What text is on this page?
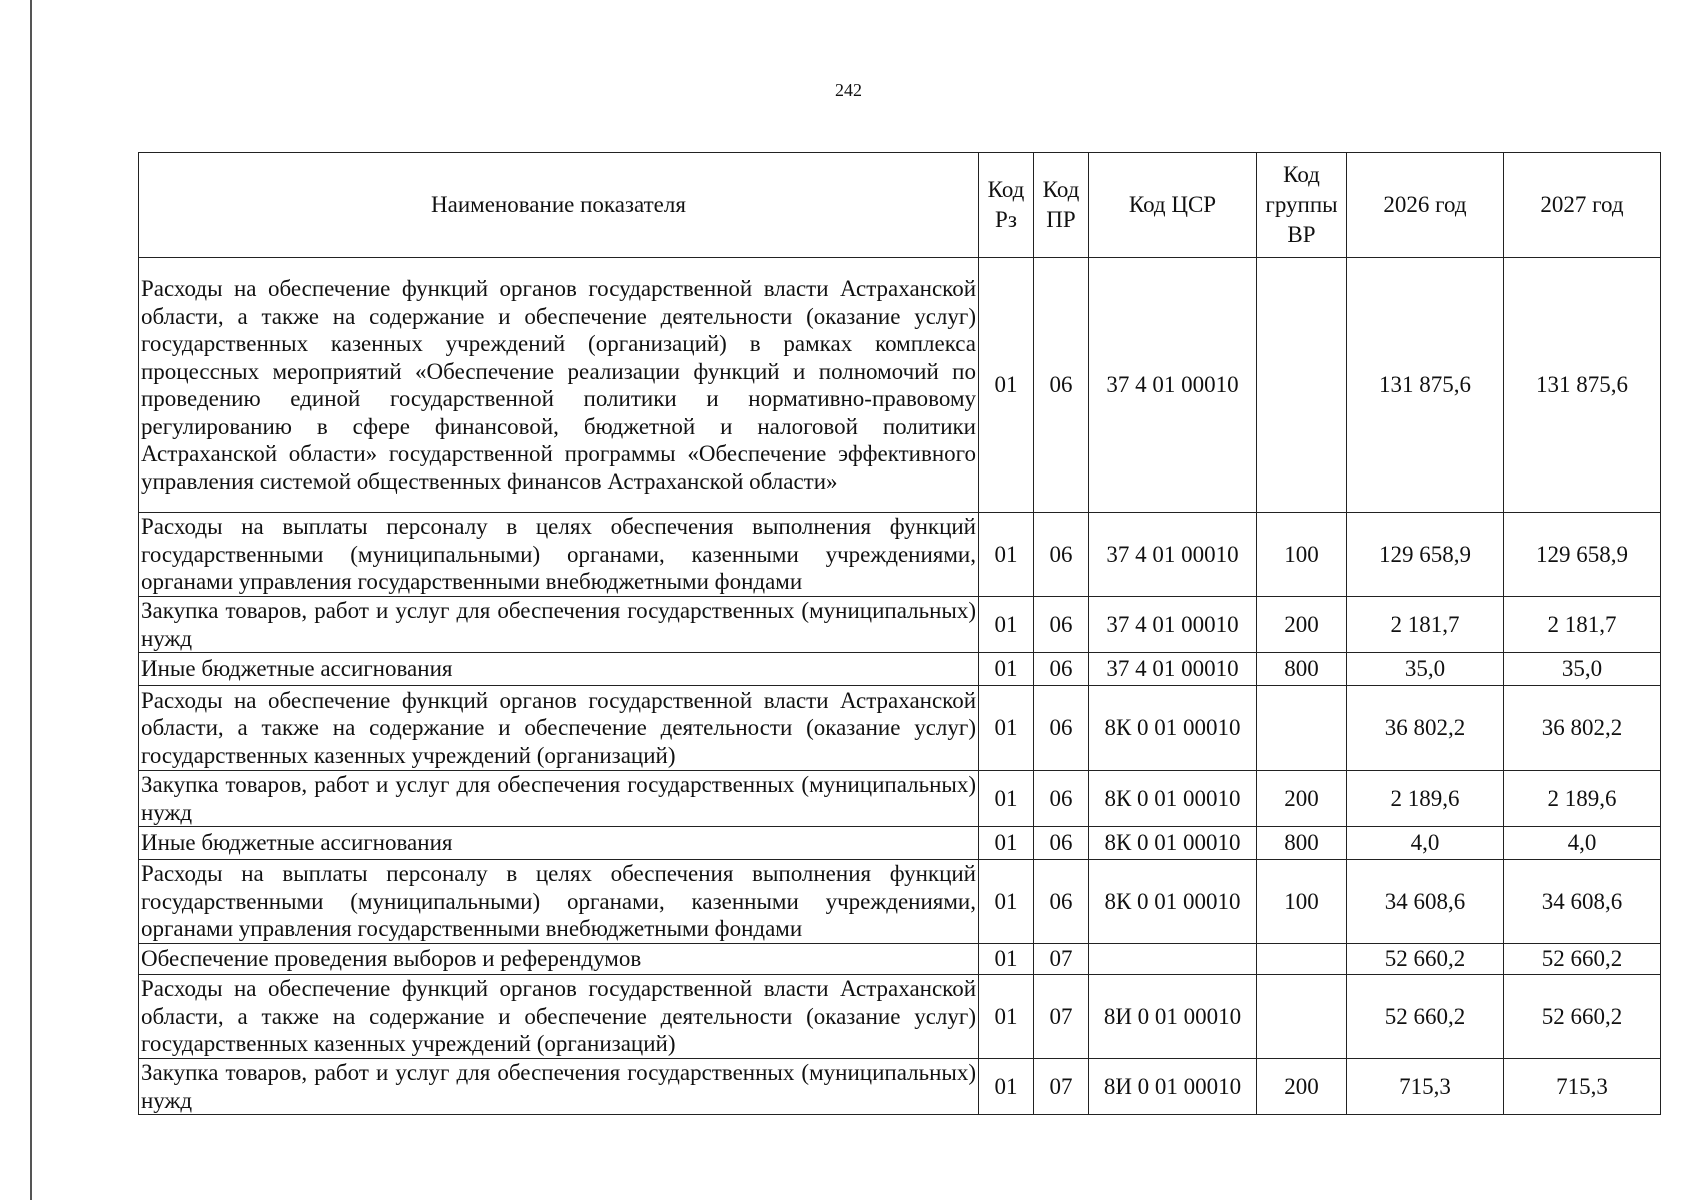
242
Наименование показателя	Код Рз	Код ПР	Код ЦСР	Код группы ВР	2026 год	2027 год
Расходы на обеспечение функций органов государственной власти Астраханской области, а также на содержание и обеспечение деятельности (оказание услуг) государственных казенных учреждений (организаций) в рамках комплекса процессных мероприятий «Обеспечение реализации функций и полномочий по проведению единой государственной политики и нормативно-правовому регулированию в сфере финансовой, бюджетной и налоговой политики Астраханской области» государственной программы «Обеспечение эффективного управления системой общественных финансов Астраханской области»	01	06	37 4 01 00010		131 875,6	131 875,6
Расходы на выплаты персоналу в целях обеспечения выполнения функций государственными (муниципальными) органами, казенными учреждениями, органами управления государственными внебюджетными фондами	01	06	37 4 01 00010	100	129 658,9	129 658,9
Закупка товаров, работ и услуг для обеспечения государственных (муниципальных) нужд	01	06	37 4 01 00010	200	2 181,7	2 181,7
Иные бюджетные ассигнования	01	06	37 4 01 00010	800	35,0	35,0
Расходы на обеспечение функций органов государственной власти Астраханской области, а также на содержание и обеспечение деятельности (оказание услуг) государственных казенных учреждений (организаций)	01	06	8К 0 01 00010		36 802,2	36 802,2
Закупка товаров, работ и услуг для обеспечения государственных (муниципальных) нужд	01	06	8К 0 01 00010	200	2 189,6	2 189,6
Иные бюджетные ассигнования	01	06	8К 0 01 00010	800	4,0	4,0
Расходы на выплаты персоналу в целях обеспечения выполнения функций государственными (муниципальными) органами, казенными учреждениями, органами управления государственными внебюджетными фондами	01	06	8К 0 01 00010	100	34 608,6	34 608,6
Обеспечение проведения выборов и референдумов	01	07			52 660,2	52 660,2
Расходы на обеспечение функций органов государственной власти Астраханской области, а также на содержание и обеспечение деятельности (оказание услуг) государственных казенных учреждений (организаций)	01	07	8И 0 01 00010		52 660,2	52 660,2
Закупка товаров, работ и услуг для обеспечения государственных (муниципальных) нужд	01	07	8И 0 01 00010	200	715,3	715,3
